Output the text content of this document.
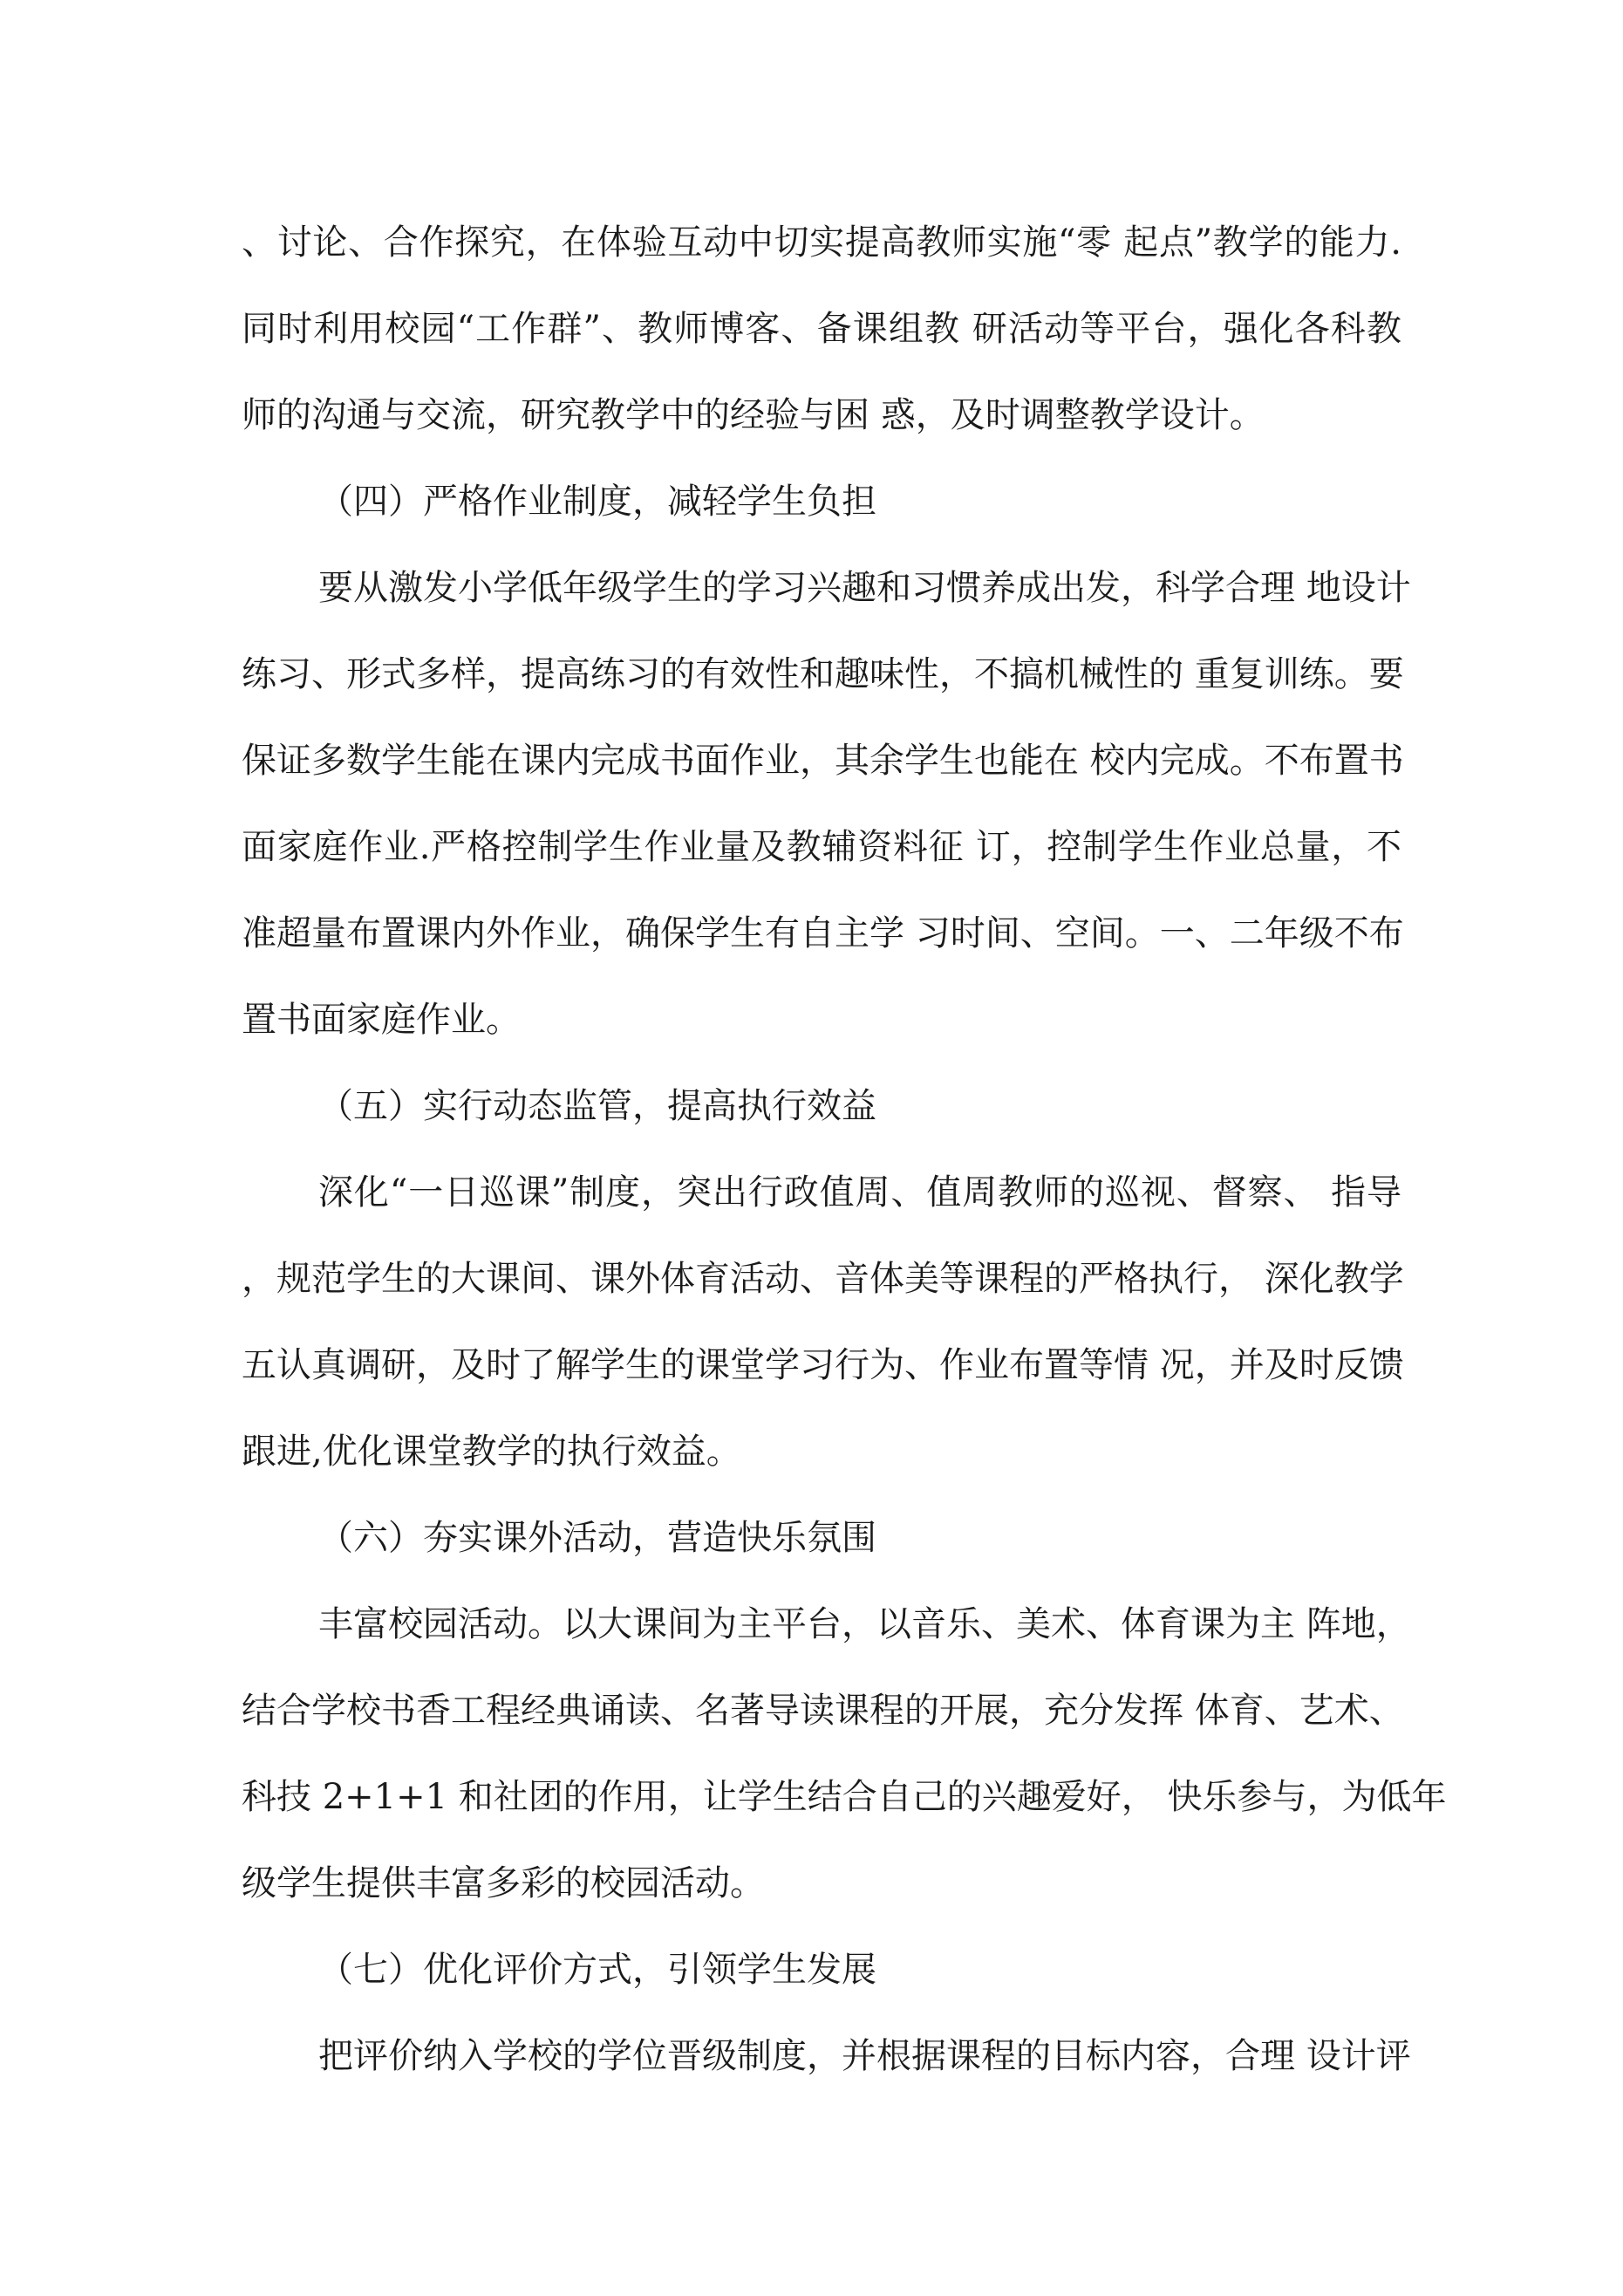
、讨论、合作探究，在体验互动中切实提高教师实施“零 起点”教学的能力.
同时利用校园“工作群”、教师博客、备课组教 研活动等平台，强化各科教
师的沟通与交流，研究教学中的经验与困 惑，及时调整教学设计。
（四）严格作业制度，减轻学生负担
要从激发小学低年级学生的学习兴趣和习惯养成出发，科学合理 地设计
练习、形式多样，提高练习的有效性和趣味性，不搞机械性的 重复训练。要
保证多数学生能在课内完成书面作业，其余学生也能在 校内完成。不布置书
面家庭作业.严格控制学生作业量及教辅资料征 订，控制学生作业总量，不
准超量布置课内外作业，确保学生有自主学 习时间、空间。一、二年级不布
置书面家庭作业。
（五）实行动态监管，提高执行效益
深化“一日巡课”制度，突出行政值周、值周教师的巡视、督察、 指导
，规范学生的大课间、课外体育活动、音体美等课程的严格执行， 深化教学
五认真调研，及时了解学生的课堂学习行为、作业布置等情 况，并及时反馈
跟进,优化课堂教学的执行效益。
（六）夯实课外活动，营造快乐氛围
丰富校园活动。以大课间为主平台，以音乐、美术、体育课为主 阵地，
结合学校书香工程经典诵读、名著导读课程的开展，充分发挥 体育、艺术、
科技 2+1+1 和社团的作用，让学生结合自己的兴趣爱好， 快乐参与，为低年
级学生提供丰富多彩的校园活动。
（七）优化评价方式，引领学生发展
把评价纳入学校的学位晋级制度，并根据课程的目标内容，合理 设计评
